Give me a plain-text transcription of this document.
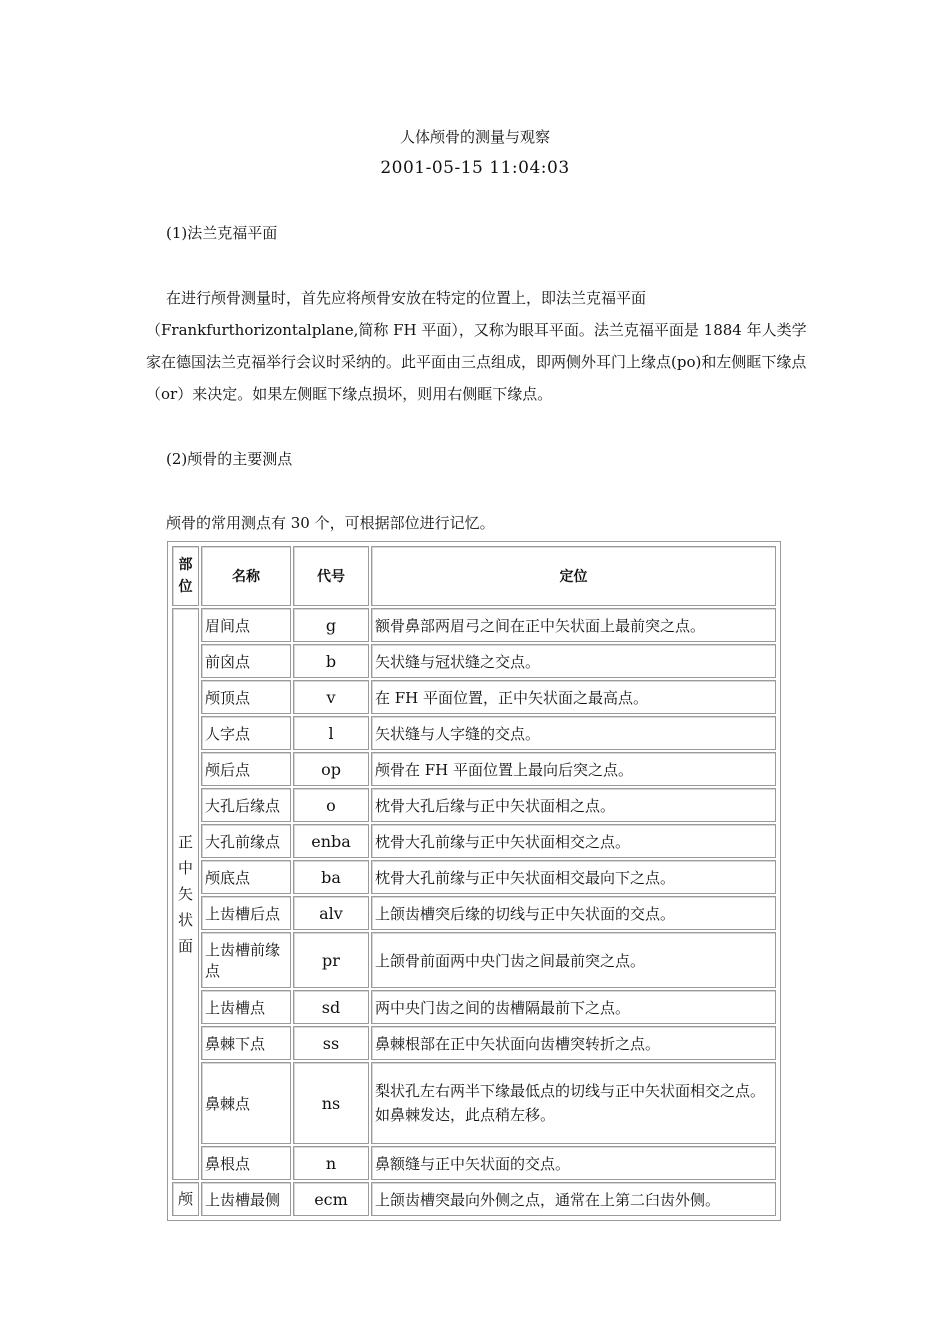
人体颅骨的测量与观察
2001-05-15 11:04:03
(1)法兰克福平面
在进行颅骨测量时，首先应将颅骨安放在特定的位置上，即法兰克福平面（Frankfurthorizontalplane,简称 FH 平面），又称为眼耳平面。法兰克福平面是 1884 年人类学家在德国法兰克福举行会议时采纳的。此平面由三点组成，即两侧外耳门上缘点(po)和左侧眶下缘点（or）来决定。如果左侧眶下缘点损坏，则用右侧眶下缘点。
(2)颅骨的主要测点
颅骨的常用测点有 30 个，可根据部位进行记忆。
部位	名称	代号	定位
正中矢状面	眉间点	g	额骨鼻部两眉弓之间在正中矢状面上最前突之点。
	前囟点	b	矢状缝与冠状缝之交点。
	颅顶点	v	在 FH 平面位置，正中矢状面之最高点。
	人字点	l	矢状缝与人字缝的交点。
	颅后点	op	颅骨在 FH 平面位置上最向后突之点。
	大孔后缘点	o	枕骨大孔后缘与正中矢状面相之点。
	大孔前缘点	enba	枕骨大孔前缘与正中矢状面相交之点。
	颅底点	ba	枕骨大孔前缘与正中矢状面相交最向下之点。
	上齿槽后点	alv	上颌齿槽突后缘的切线与正中矢状面的交点。
	上齿槽前缘点	pr	上颌骨前面两中央门齿之间最前突之点。
	上齿槽点	sd	两中央门齿之间的齿槽隔最前下之点。
	鼻棘下点	ss	鼻棘根部在正中矢状面向齿槽突转折之点。
	鼻棘点	ns	梨状孔左右两半下缘最低点的切线与正中矢状面相交之点。
如鼻棘发达，此点稍左移。

	鼻根点	n	鼻额缝与正中矢状面的交点。
颅	上齿槽最侧	ecm	上颌齿槽突最向外侧之点，通常在上第二臼齿外侧。
